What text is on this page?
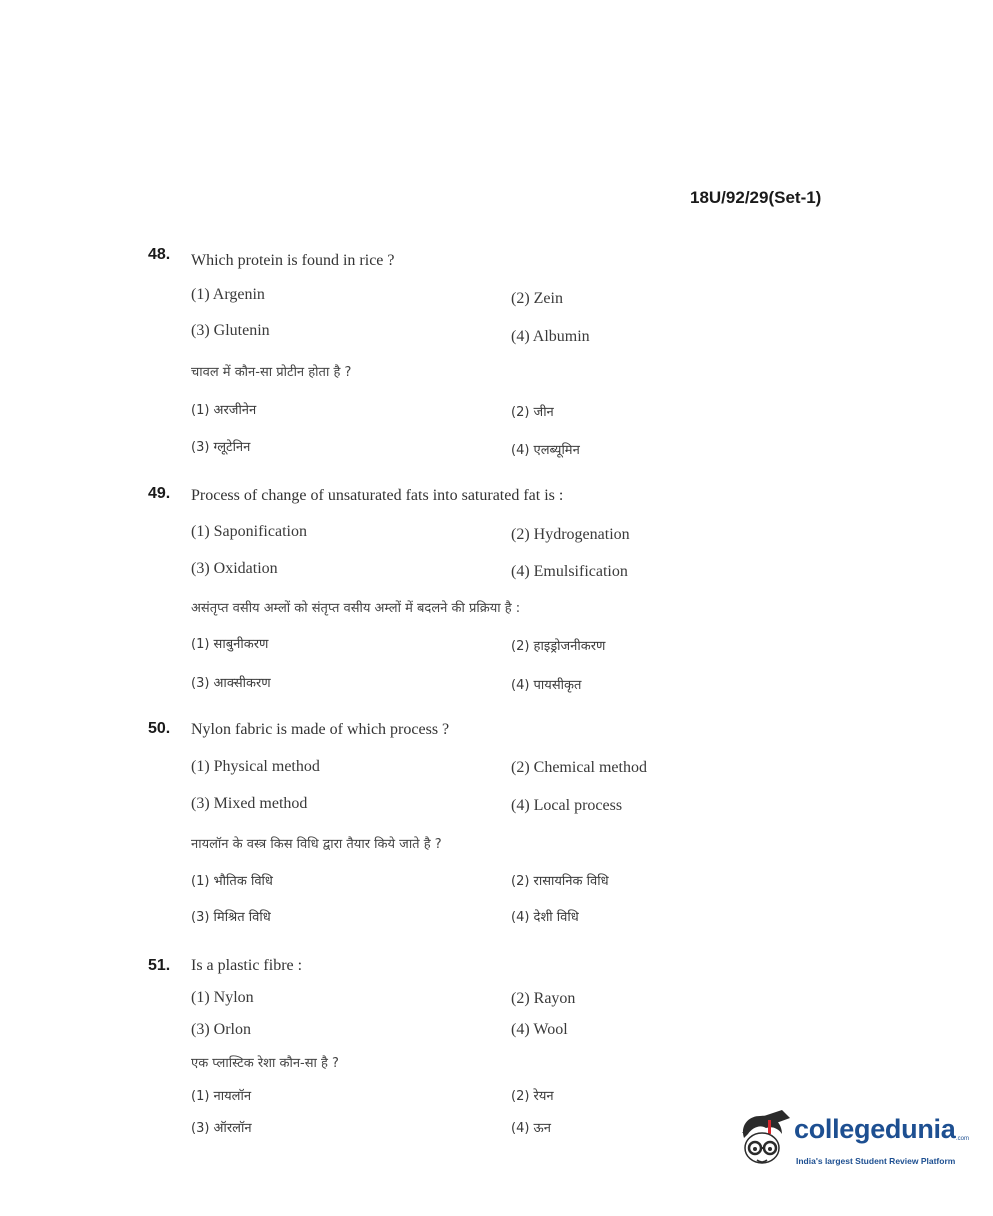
18U/92/29(Set-1)
48. Which protein is found in rice ?
(1) Argenin	(2) Zein
(3) Glutenin	(4) Albumin
चावल में कौन-सा प्रोटीन होता है ?
(1) अरजीनेन	(2) जीन
(3) ग्लूटेनिन	(4) एलब्यूमिन
49. Process of change of unsaturated fats into saturated fat is :
(1) Saponification	(2) Hydrogenation
(3) Oxidation	(4) Emulsification
असंतृप्त वसीय अम्लों को संतृप्त वसीय अम्लों में बदलने की प्रक्रिया है :
(1) साबुनीकरण	(2) हाइड्रोजनीकरण
(3) आक्सीकरण	(4) पायसीकृत
50. Nylon fabric is made of which process ?
(1) Physical method	(2) Chemical method
(3) Mixed method	(4) Local process
नायलॉन के वस्त्र किस विधि द्वारा तैयार किये जाते है ?
(1) भौतिक विधि	(2) रासायनिक विधि
(3) मिश्रित विधि	(4) देशी विधि
51. Is a plastic fibre :
(1) Nylon	(2) Rayon
(3) Orlon	(4) Wool
एक प्लास्टिक रेशा कौन-सा है ?
(1) नायलॉन	(2) रेयन
(3) ऑरलॉन	(4) ऊन	collegedunia .com
India's largest Student Review Platform
